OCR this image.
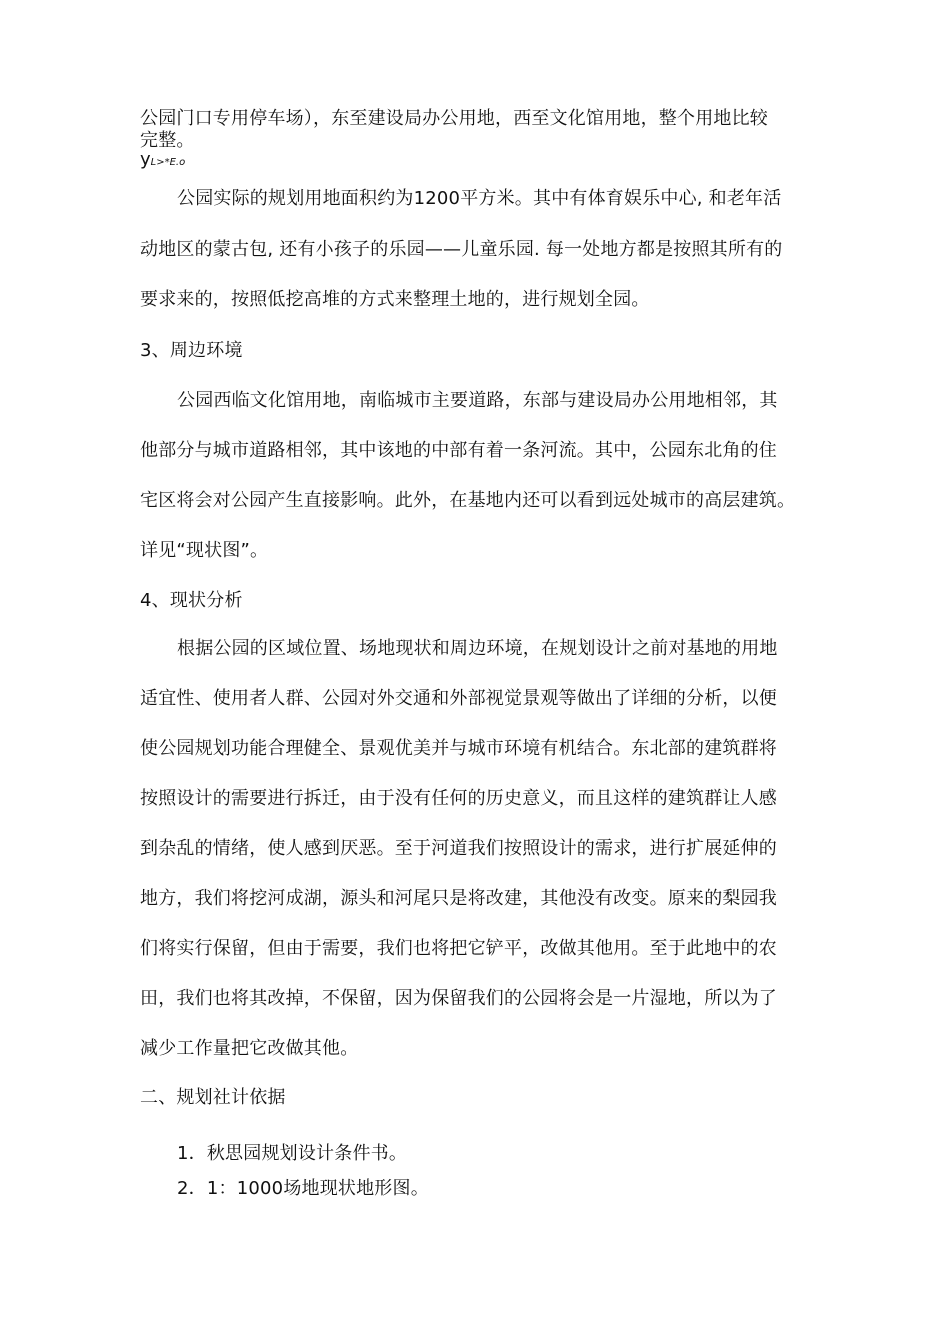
公园门口专用停车场），东至建设局办公用地，西至文化馆用地，整个用地比较
完整。
yL>*E.o
公园实际的规划用地面积约为1200平方米。其中有体育娱乐中心, 和老年活
动地区的蒙古包, 还有小孩子的乐园——儿童乐园. 每一处地方都是按照其所有的
要求来的，按照低挖高堆的方式来整理土地的，进行规划全园。
3、周边环境
公园西临文化馆用地，南临城市主要道路，东部与建设局办公用地相邻，其
他部分与城市道路相邻，其中该地的中部有着一条河流。其中，公园东北角的住
宅区将会对公园产生直接影响。此外，在基地内还可以看到远处城市的高层建筑。
详见“现状图”。
4、现状分析
根据公园的区域位置、场地现状和周边环境，在规划设计之前对基地的用地
适宜性、使用者人群、公园对外交通和外部视觉景观等做出了详细的分析，以便
使公园规划功能合理健全、景观优美并与城市环境有机结合。东北部的建筑群将
按照设计的需要进行拆迁，由于没有任何的历史意义，而且这样的建筑群让人感
到杂乱的情绪，使人感到厌恶。至于河道我们按照设计的需求，进行扩展延伸的
地方，我们将挖河成湖，源头和河尾只是将改建，其他没有改变。原来的梨园我
们将实行保留，但由于需要，我们也将把它铲平，改做其他用。至于此地中的农
田，我们也将其改掉，不保留，因为保留我们的公园将会是一片湿地，所以为了
减少工作量把它改做其他。
二、规划社计依据
1．秋思园规划设计条件书。
2．1：1000场地现状地形图。
